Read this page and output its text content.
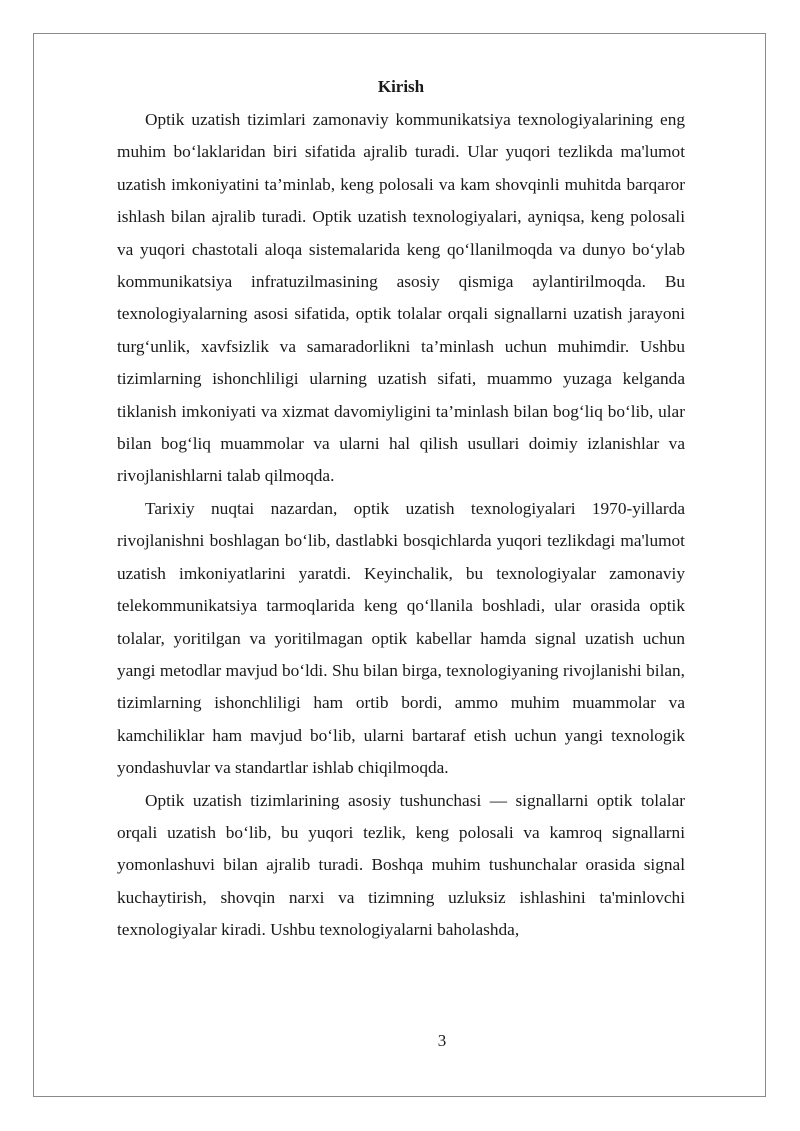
Kirish

Optik uzatish tizimlari zamonaviy kommunikatsiya texnologiyalarining eng muhim bo‘laklaridan biri sifatida ajralib turadi. Ular yuqori tezlikda ma'lumot uzatish imkoniyatini ta’minlab, keng polosali va kam shovqinli muhitda barqaror ishlash bilan ajralib turadi. Optik uzatish texnologiyalari, ayniqsa, keng polosali va yuqori chastotali aloqa sistemalarida keng qo‘llanilmoqda va dunyo bo‘ylab kommunikatsiya infratuzilmasining asosiy qismiga aylantirilmoqda. Bu texnologiyalarning asosi sifatida, optik tolalar orqali signallarni uzatish jarayoni turg‘unlik, xavfsizlik va samaradorlikni ta’minlash uchun muhimdir. Ushbu tizimlarning ishonchliligi ularning uzatish sifati, muammo yuzaga kelganda tiklanish imkoniyati va xizmat davomiyligini ta’minlash bilan bog‘liq bo‘lib, ular bilan bog‘liq muammolar va ularni hal qilish usullari doimiy izlanishlar va rivojlanishlarni talab qilmoqda.

Tarixiy nuqtai nazardan, optik uzatish texnologiyalari 1970-yillarda rivojlanishni boshlagan bo‘lib, dastlabki bosqichlarda yuqori tezlikdagi ma'lumot uzatish imkoniyatlarini yaratdi. Keyinchalik, bu texnologiyalar zamonaviy telekommunikatsiya tarmoqlarida keng qo‘llanila boshladi, ular orasida optik tolalar, yoritilgan va yoritilmagan optik kabellar hamda signal uzatish uchun yangi metodlar mavjud bo‘ldi. Shu bilan birga, texnologiyaning rivojlanishi bilan, tizimlarning ishonchliligi ham ortib bordi, ammo muhim muammolar va kamchiliklar ham mavjud bo‘lib, ularni bartaraf etish uchun yangi texnologik yondashuvlar va standartlar ishlab chiqilmoqda.

Optik uzatish tizimlarining asosiy tushunchasi — signallarni optik tolalar orqali uzatish bo‘lib, bu yuqori tezlik, keng polosali va kamroq signallarni yomonlashuvi bilan ajralib turadi. Boshqa muhim tushunchalar orasida signal kuchaytirish, shovqin narxi va tizimning uzluksiz ishlashini ta'minlovchi texnologiyalar kiradi. Ushbu texnologiyalarni baholashda,

3
